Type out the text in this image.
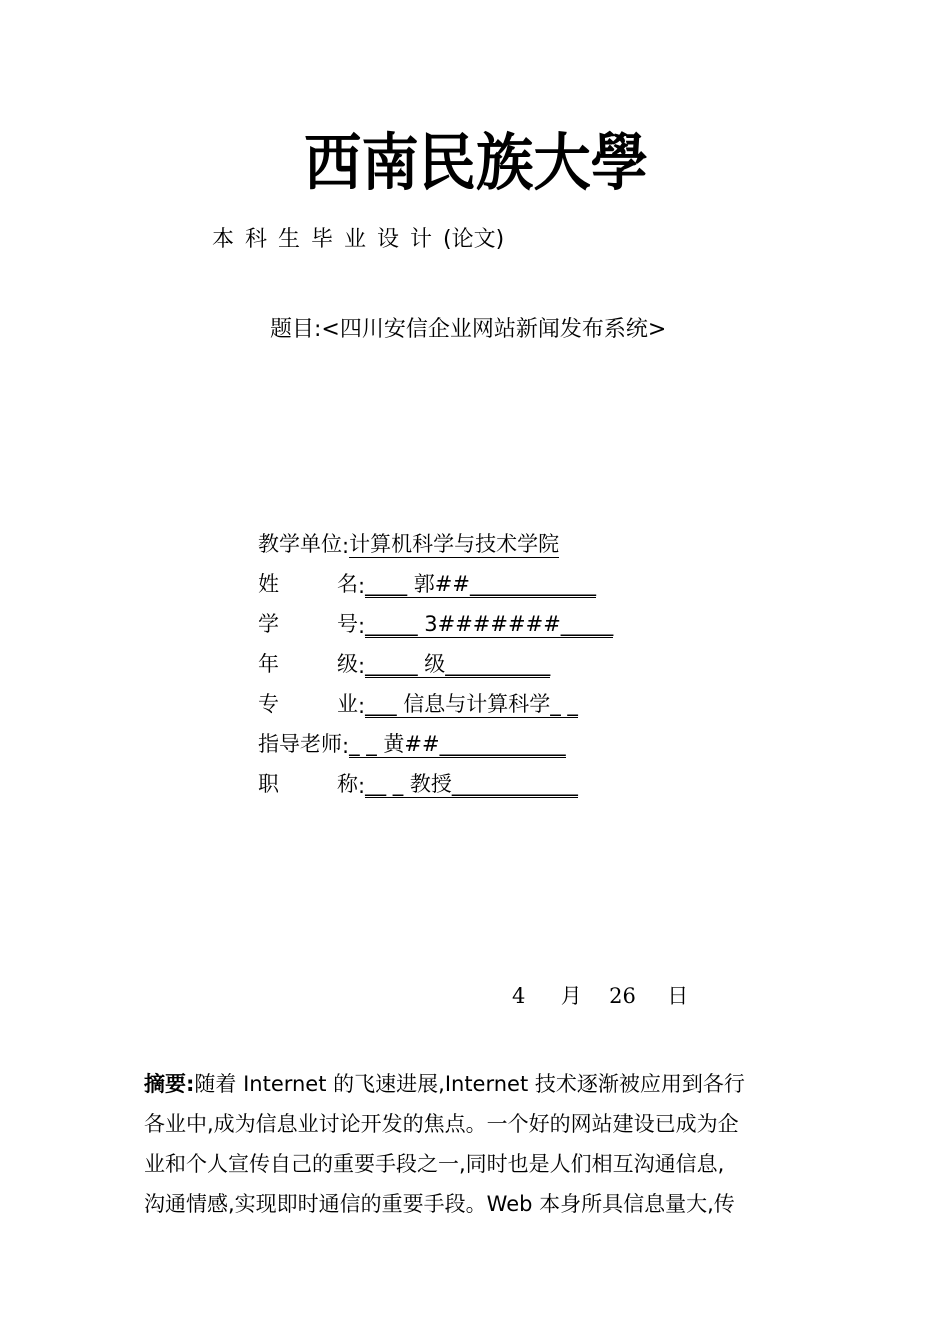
西南民族大學
本科生毕业设计(论文)
题目:<四川安信企业网站新闻发布系统>
教学单位 : 计算机科学与技术学院
姓	名 : ____ 郭##____________
学	号 : _____ 3#######_____
年	级 : _____ 级__________
专	业 : ___ 信息与计算科学_ _
指导老师 : _ _ 黄##____________
职	称 : __ _ 教授____________
4 月 26 日
摘要:随着 Internet 的飞速进展,Internet 技术逐渐被应用到各行
各业中,成为信息业讨论开发的焦点。一个好的网站建设已成为企
业和个人宣传自己的重要手段之一,同时也是人们相互沟通信息,
沟通情感,实现即时通信的重要手段。Web 本身所具信息量大,传
